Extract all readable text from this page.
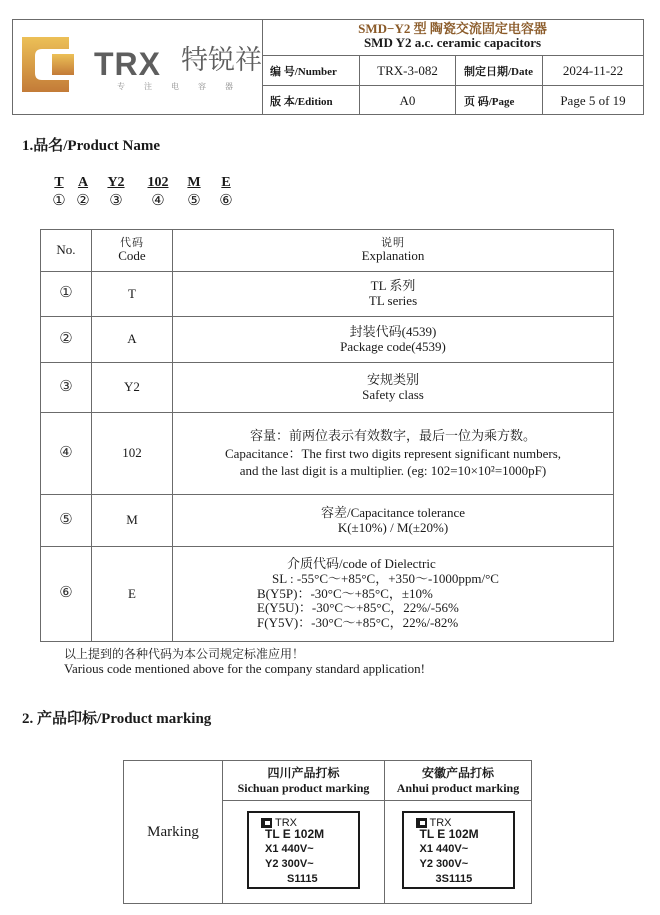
TRX 特锐祥
专注电容器
SMD−Y2 型 陶瓷交流固定电容器
SMD Y2 a.c. ceramic capacitors
编 号/Number	TRX-3-082	制定日期/Date	2024-11-22
版 本/Edition	A0	页 码/Page	Page 5 of 19
1.品名/Product Name
T
①
A
②
Y2
③
102
④
M
⑤
E
⑥
No.	代码
Code

说明
Explanation

①	T	TL 系列
TL series

②	A	封装代码(4539)
Package code(4539)

③	Y2	安规类别
Safety class

④	102	容量：前两位表示有效数字，最后一位为乘方数。
Capacitance：The first two digits represent significant numbers,
and the last digit is a multiplier. (eg: 102=10×10²=1000pF)

⑤	M	容差/Capacitance tolerance
K(±10%) / M(±20%)

⑥	E	介质代码/code of Dielectric
SL : -55°C～+85°C，+350～-1000ppm/°C
B(Y5P)：-30°C～+85°C，±10%
E(Y5U)：-30°C～+85°C，22%/-56%
F(Y5V)：-30°C～+85°C，22%/-82%
以上提到的各种代码为本公司规定标准应用！
Various code mentioned above for the company standard application!
2. 产品印标/Product marking
Marking	
四川产品打标
Sichuan product marking

安徽产品打标
Anhui product marking

TRX
TL E 102M
X1 440V~
Y2 300V~
S1115

TRX
TL E 102M
X1 440V~
Y2 300V~
3S1115
